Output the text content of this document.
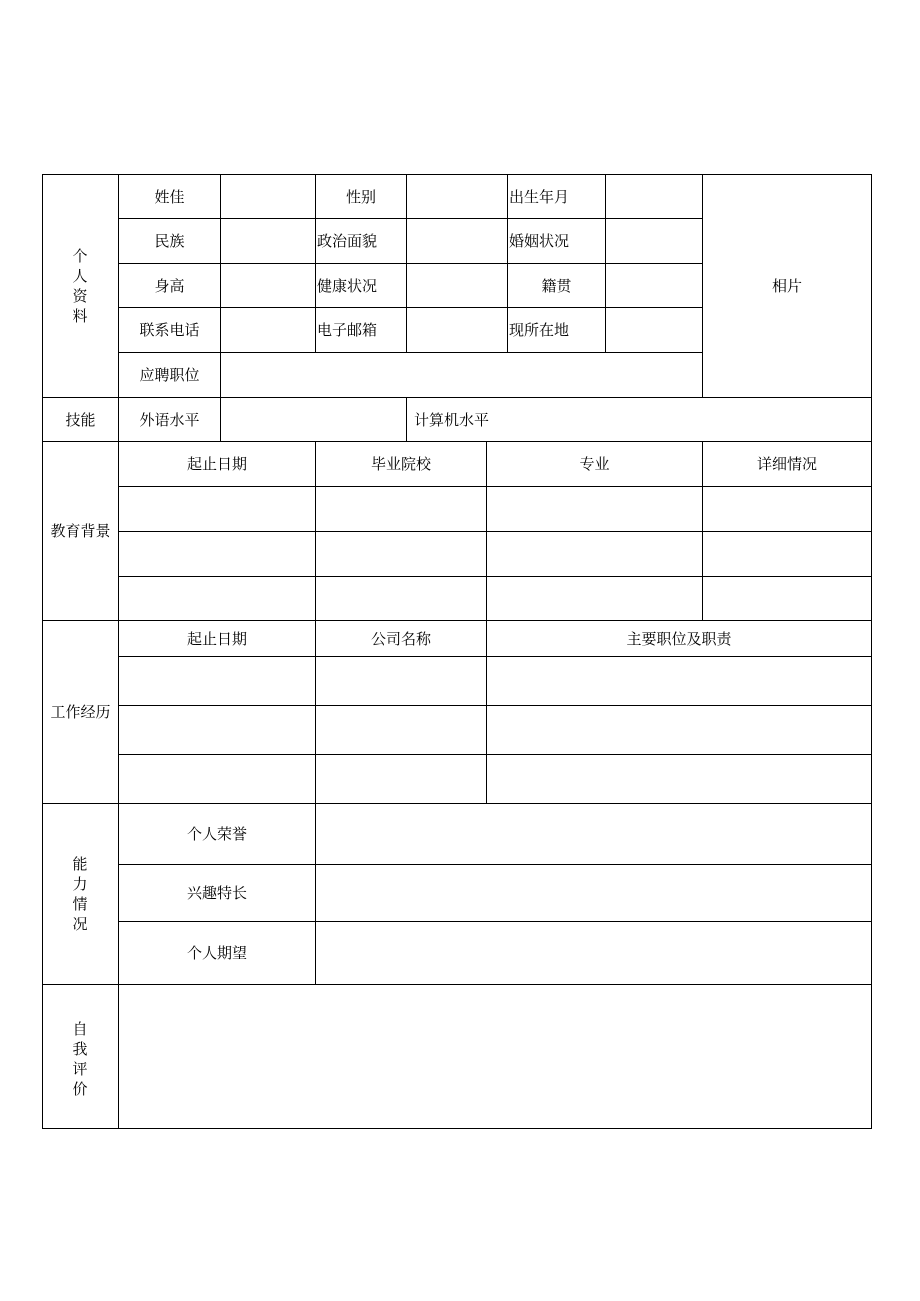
个人资料
姓佳	性别	出生年月
民族	政治面貌	婚姻状况
身高	健康状况	籍贯
联系电话	电子邮箱	现所在地
应聘职位
相片
技能	外语水平	计算机水平
教育背景
起止日期	毕业院校	专业	详细情况
工作经历
起止日期	公司名称	主要职位及职责
能力情况
个人荣誉
兴趣特长
个人期望
自我评价
